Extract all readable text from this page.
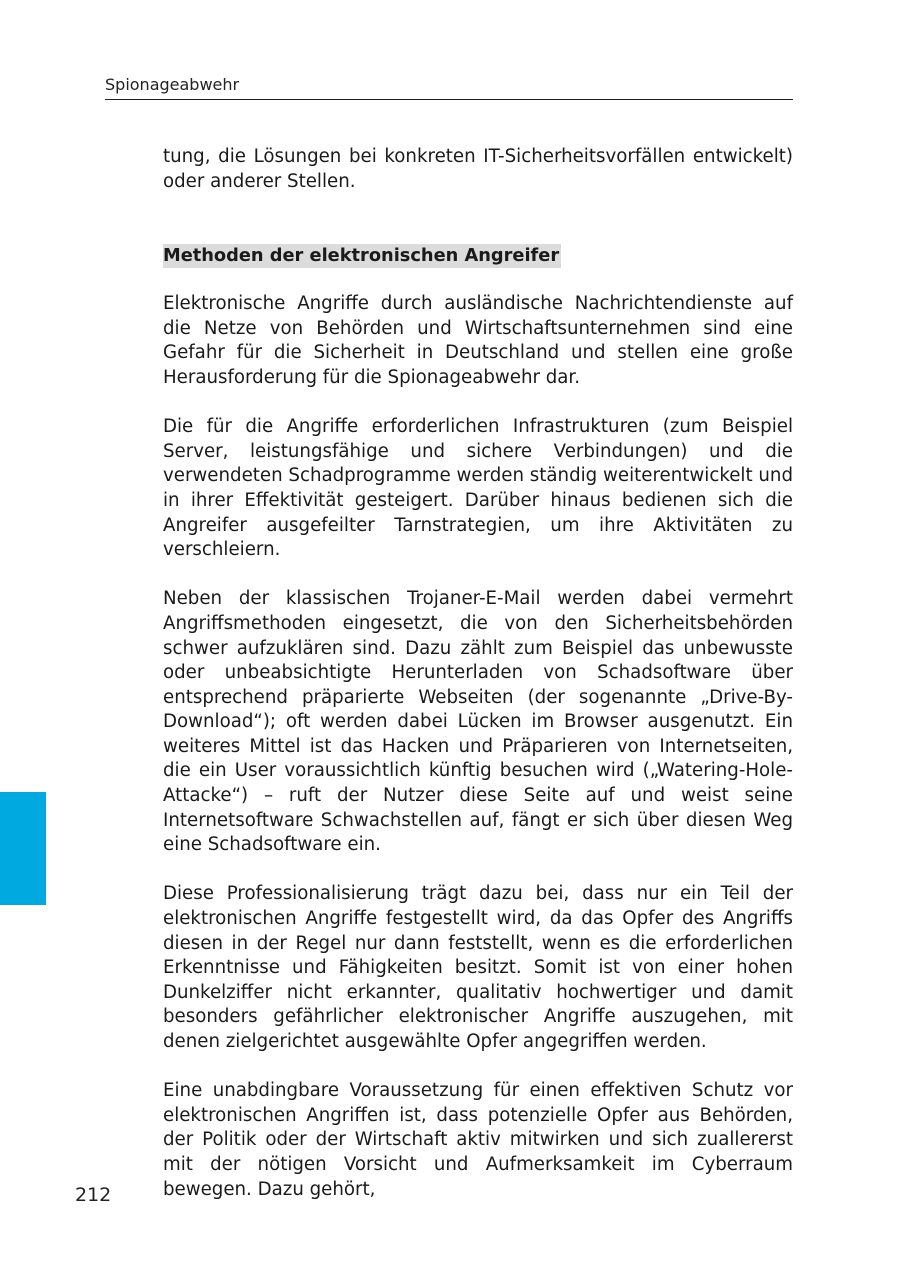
Spionageabwehr

tung, die Lösungen bei konkreten IT-Sicherheitsvorfällen entwickelt) oder anderer Stellen.

Methoden der elektronischen Angreifer

Elektronische Angriffe durch ausländische Nachrichtendienste auf die Netze von Behörden und Wirtschaftsunternehmen sind eine Gefahr für die Sicherheit in Deutschland und stellen eine große Herausforderung für die Spionageabwehr dar.

Die für die Angriffe erforderlichen Infrastrukturen (zum Beispiel Server, leistungsfähige und sichere Verbindungen) und die verwendeten Schadprogramme werden ständig weiterentwickelt und in ihrer Effektivität gesteigert. Darüber hinaus bedienen sich die Angreifer ausgefeilter Tarnstrategien, um ihre Aktivitäten zu verschleiern.

Neben der klassischen Trojaner-E-Mail werden dabei vermehrt Angriffsmethoden eingesetzt, die von den Sicherheitsbehörden schwer aufzuklären sind. Dazu zählt zum Beispiel das unbewusste oder unbeabsichtigte Herunterladen von Schadsoftware über entsprechend präparierte Webseiten (der sogenannte „Drive-By-Download“); oft werden dabei Lücken im Browser ausgenutzt. Ein weiteres Mittel ist das Hacken und Präparieren von Internetseiten, die ein User voraussichtlich künftig besuchen wird („Watering-Hole-Attacke“) – ruft der Nutzer diese Seite auf und weist seine Internetsoftware Schwachstellen auf, fängt er sich über diesen Weg eine Schadsoftware ein.

Diese Professionalisierung trägt dazu bei, dass nur ein Teil der elektronischen Angriffe festgestellt wird, da das Opfer des Angriffs diesen in der Regel nur dann feststellt, wenn es die erforderlichen Erkenntnisse und Fähigkeiten besitzt. Somit ist von einer hohen Dunkelziffer nicht erkannter, qualitativ hochwertiger und damit besonders gefährlicher elektronischer Angriffe auszugehen, mit denen zielgerichtet ausgewählte Opfer angegriffen werden.

Eine unabdingbare Voraussetzung für einen effektiven Schutz vor elektronischen Angriffen ist, dass potenzielle Opfer aus Behörden, der Politik oder der Wirtschaft aktiv mitwirken und sich zuallererst mit der nötigen Vorsicht und Aufmerksamkeit im Cyberraum bewegen. Dazu gehört,

212
